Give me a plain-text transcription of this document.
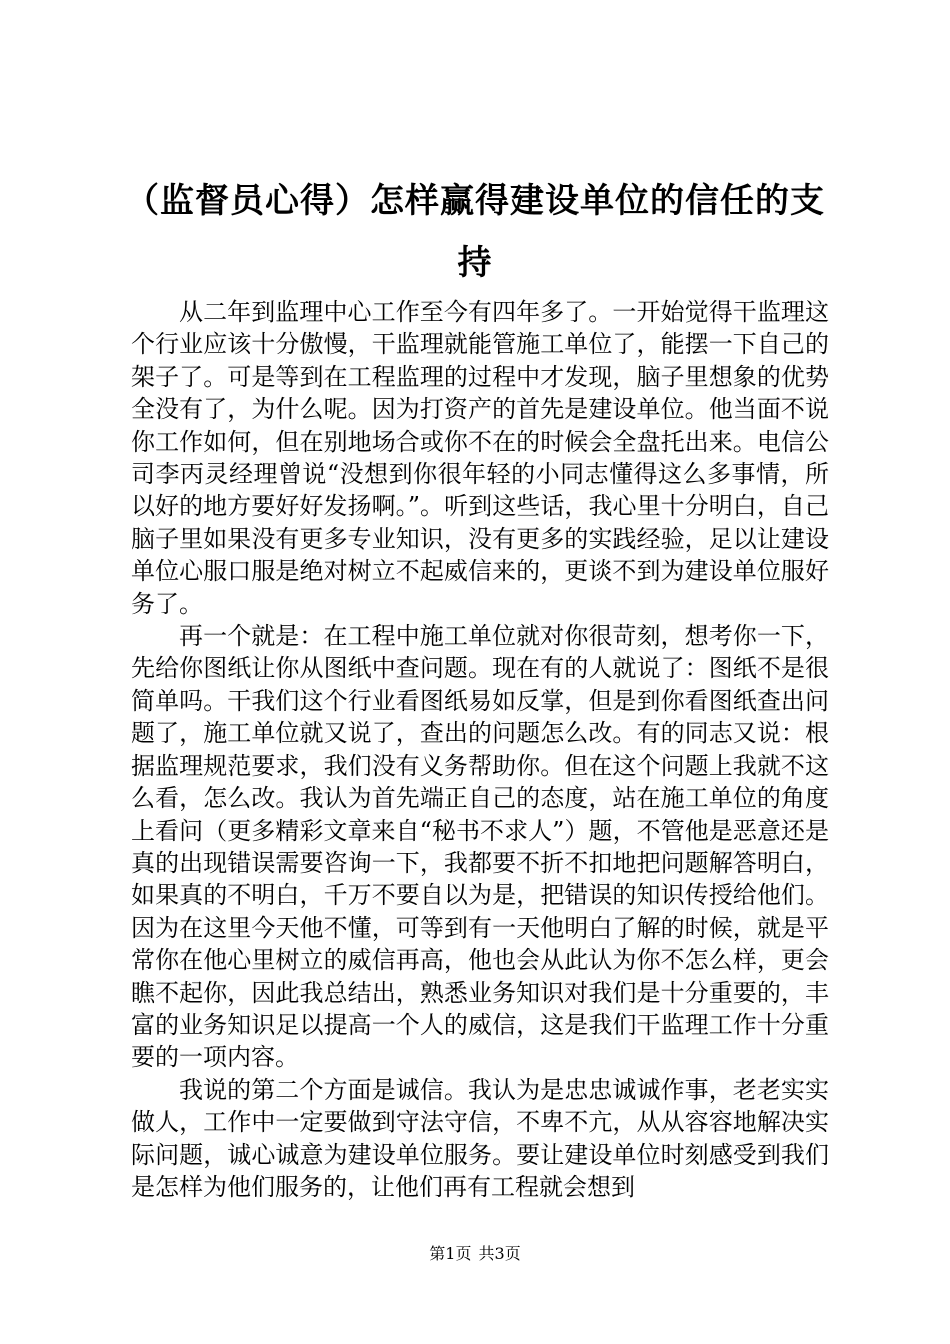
（监督员心得）怎样赢得建设单位的信任的支持

从二年到监理中心工作至今有四年多了。一开始觉得干监理这个行业应该十分傲慢，干监理就能管施工单位了，能摆一下自己的架子了。可是等到在工程监理的过程中才发现，脑子里想象的优势全没有了，为什么呢。因为打资产的首先是建设单位。他当面不说你工作如何，但在别地场合或你不在的时候会全盘托出来。电信公司李丙灵经理曾说“没想到你很年轻的小同志懂得这么多事情，所以好的地方要好好发扬啊。”。听到这些话，我心里十分明白，自己脑子里如果没有更多专业知识，没有更多的实践经验，足以让建设单位心服口服是绝对树立不起威信来的，更谈不到为建设单位服好务了。

再一个就是：在工程中施工单位就对你很苛刻，想考你一下，先给你图纸让你从图纸中查问题。现在有的人就说了：图纸不是很简单吗。干我们这个行业看图纸易如反掌，但是到你看图纸查出问题了，施工单位就又说了，查出的问题怎么改。有的同志又说：根据监理规范要求，我们没有义务帮助你。但在这个问题上我就不这么看，怎么改。我认为首先端正自己的态度，站在施工单位的角度上看问（更多精彩文章来自“秘书不求人”）题，不管他是恶意还是真的出现错误需要咨询一下，我都要不折不扣地把问题解答明白，如果真的不明白，千万不要自以为是，把错误的知识传授给他们。因为在这里今天他不懂，可等到有一天他明白了解的时候，就是平常你在他心里树立的威信再高，他也会从此认为你不怎么样，更会瞧不起你，因此我总结出，熟悉业务知识对我们是十分重要的，丰富的业务知识足以提高一个人的威信，这是我们干监理工作十分重要的一项内容。

我说的第二个方面是诚信。我认为是忠忠诚诚作事，老老实实做人，工作中一定要做到守法守信，不卑不亢，从从容容地解决实际问题，诚心诚意为建设单位服务。要让建设单位时刻感受到我们是怎样为他们服务的，让他们再有工程就会想到

第1页 共3页
